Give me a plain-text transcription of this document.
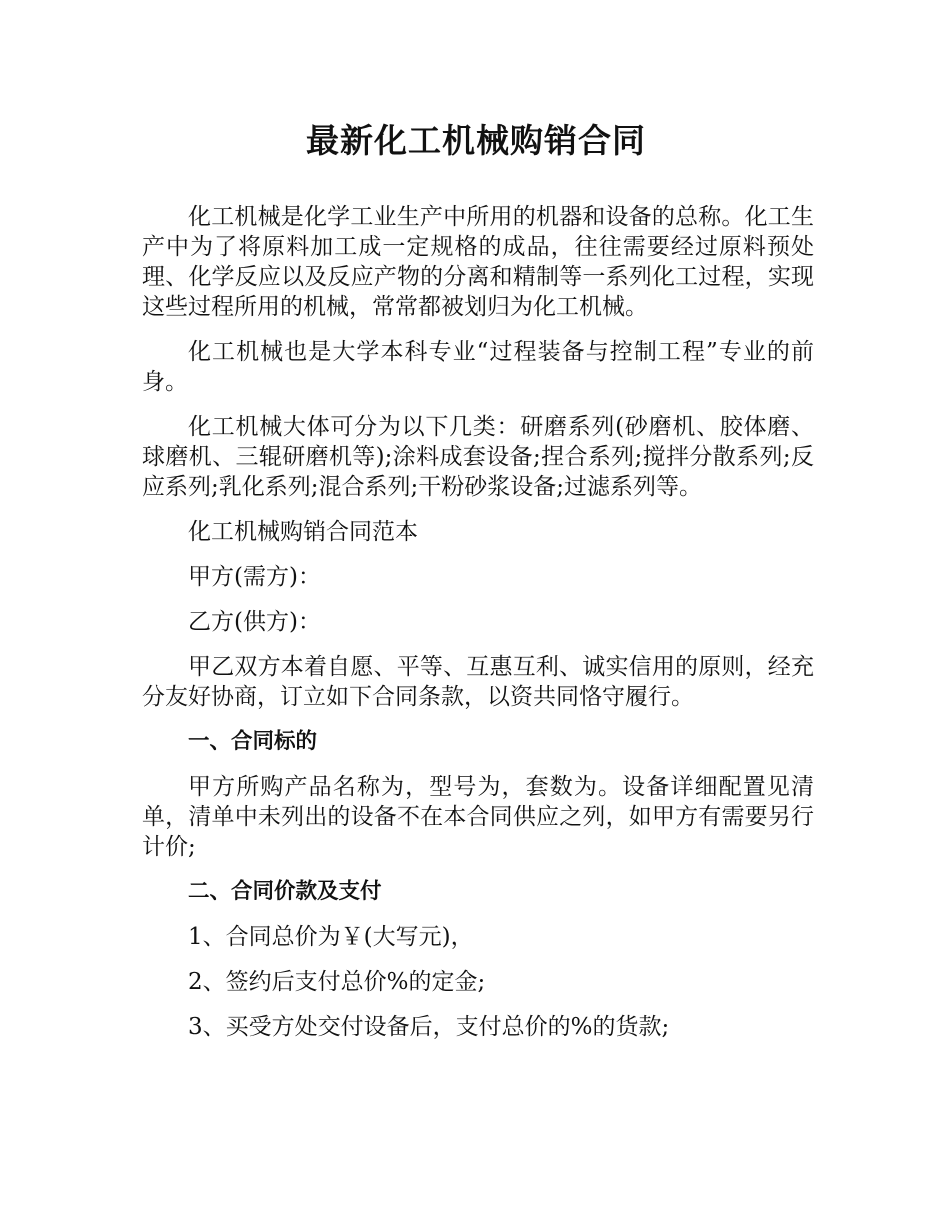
最新化工机械购销合同

化工机械是化学工业生产中所用的机器和设备的总称。化工生产中为了将原料加工成一定规格的成品，往往需要经过原料预处理、化学反应以及反应产物的分离和精制等一系列化工过程，实现这些过程所用的机械，常常都被划归为化工机械。

化工机械也是大学本科专业“过程装备与控制工程”专业的前身。

化工机械大体可分为以下几类：研磨系列(砂磨机、胶体磨、球磨机、三辊研磨机等);涂料成套设备;捏合系列;搅拌分散系列;反应系列;乳化系列;混合系列;干粉砂浆设备;过滤系列等。

化工机械购销合同范本

甲方(需方)：

乙方(供方)：

甲乙双方本着自愿、平等、互惠互利、诚实信用的原则，经充分友好协商，订立如下合同条款，以资共同恪守履行。

一、合同标的

甲方所购产品名称为，型号为，套数为。设备详细配置见清单，清单中未列出的设备不在本合同供应之列，如甲方有需要另行计价;

二、合同价款及支付

1、合同总价为￥(大写元)，

2、签约后支付总价%的定金;

3、买受方处交付设备后，支付总价的%的货款;
